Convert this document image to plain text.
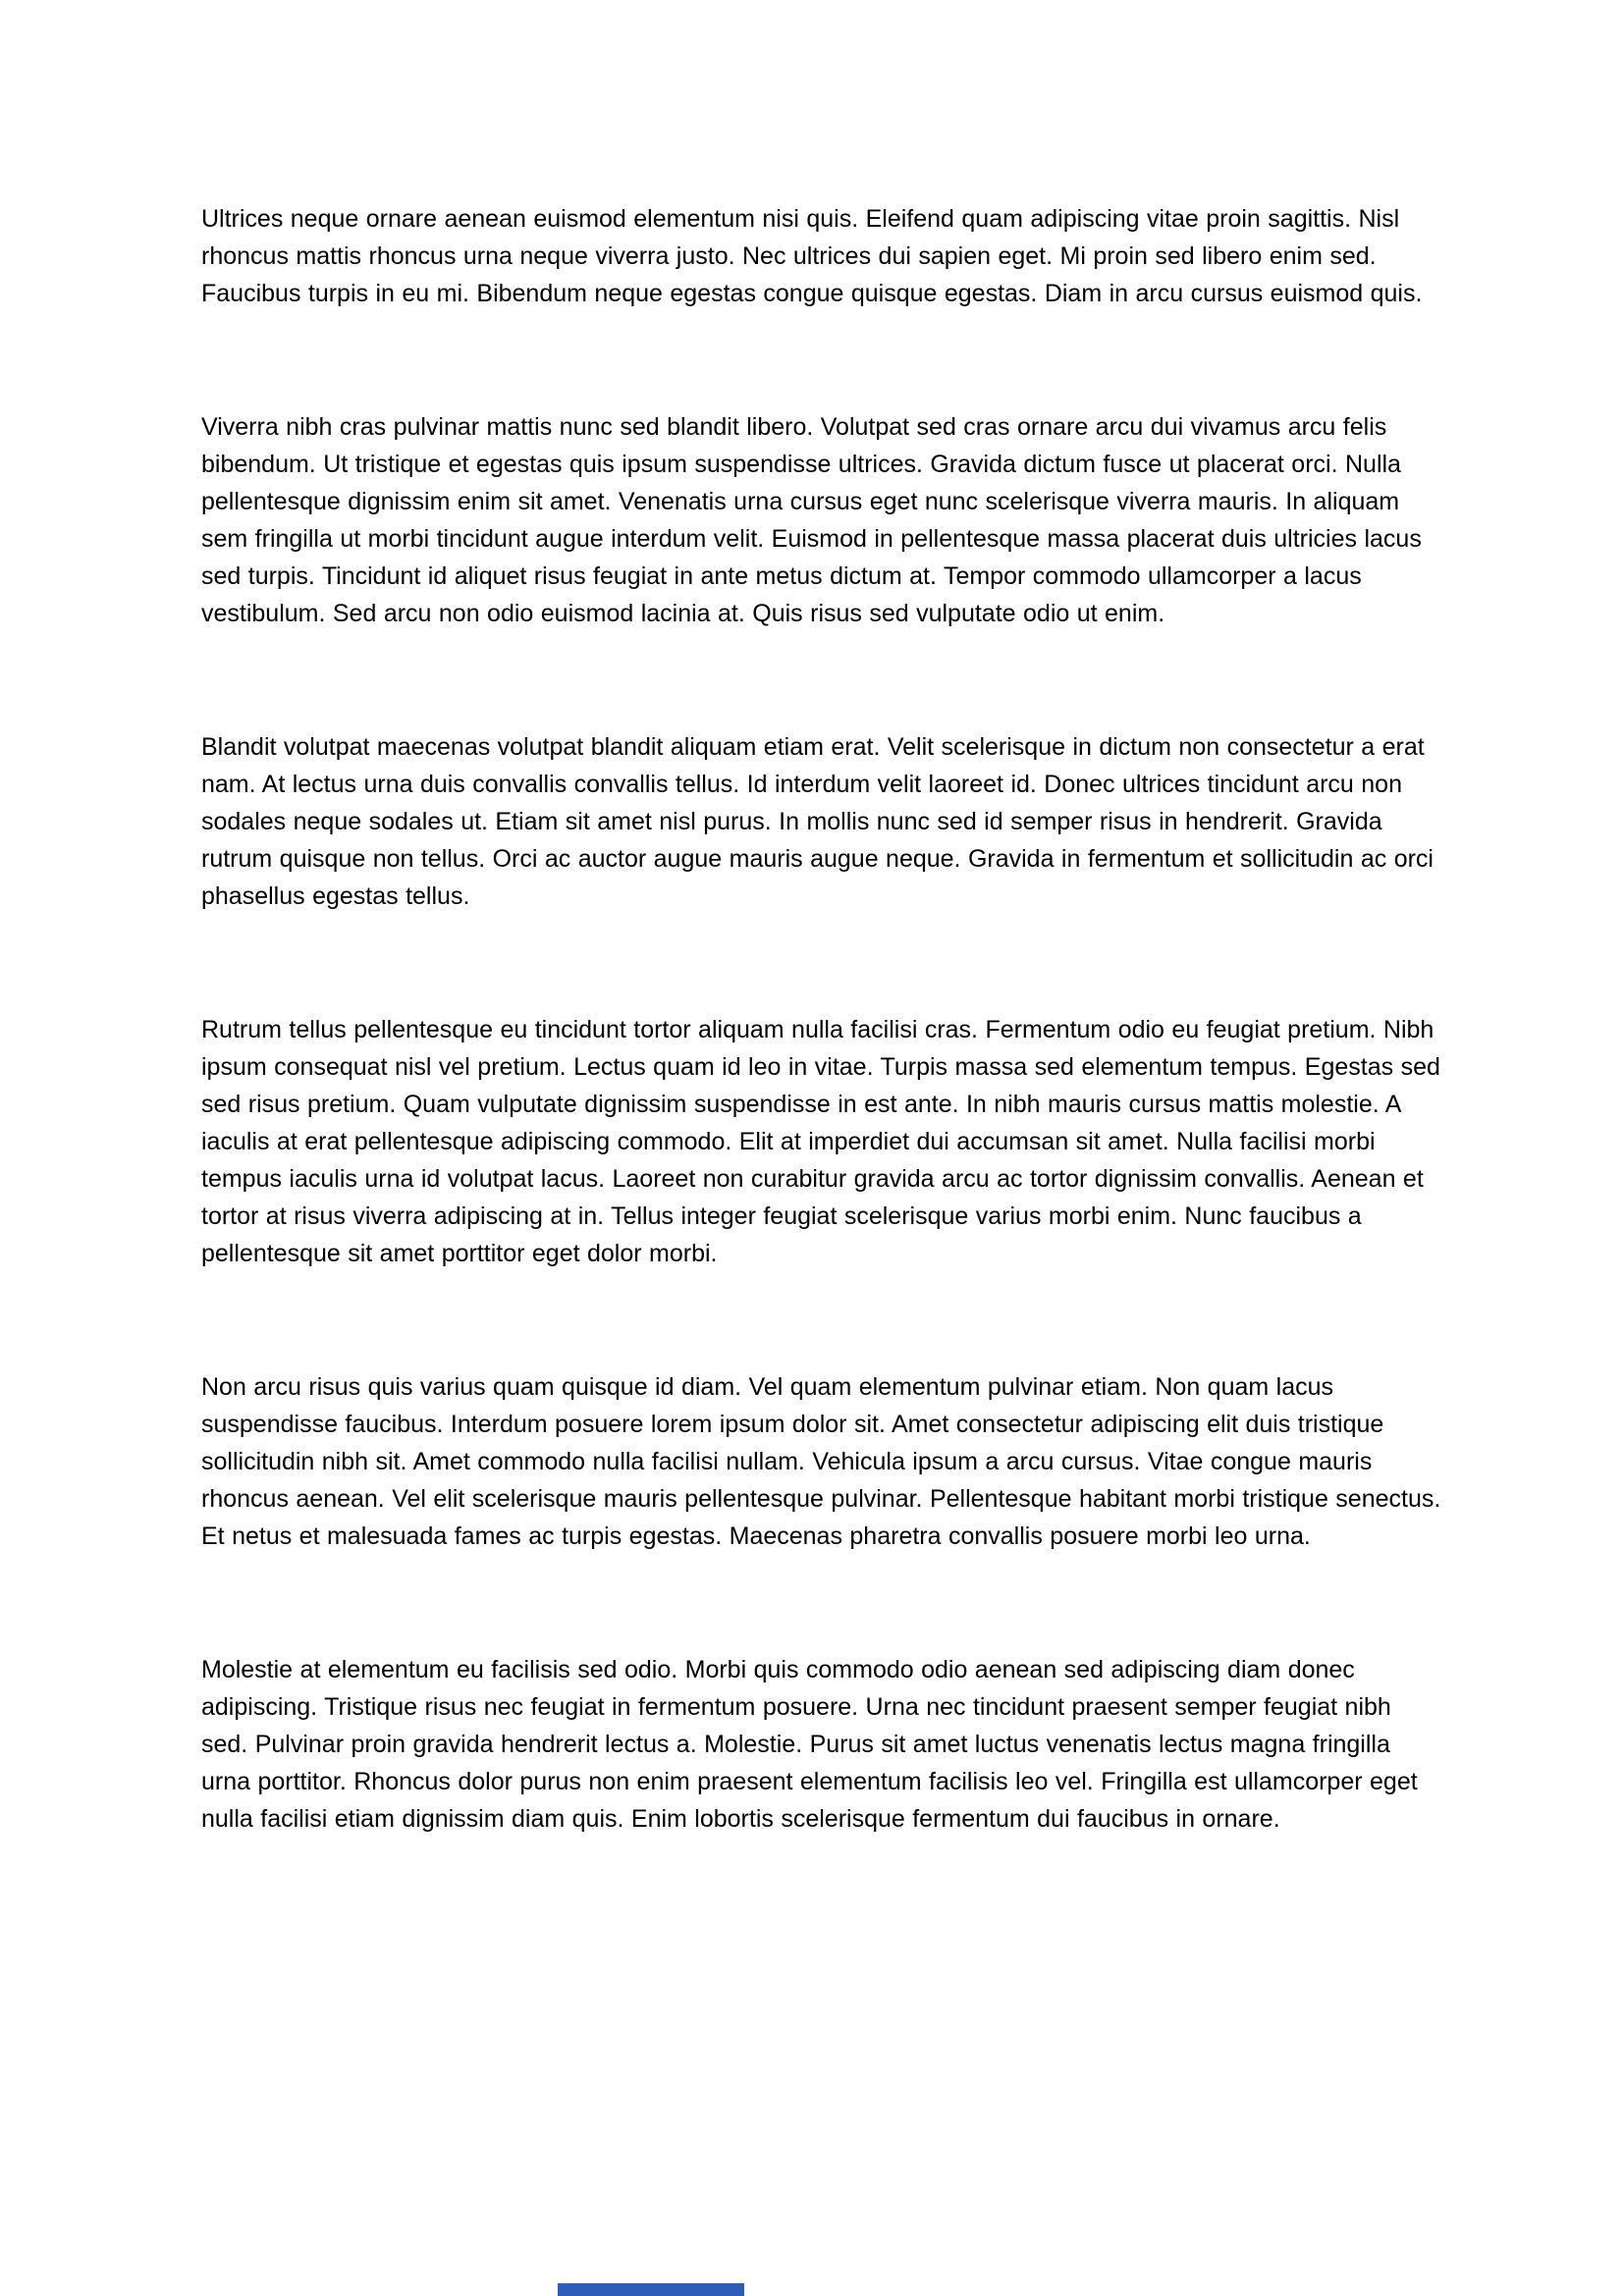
Ultrices neque ornare aenean euismod elementum nisi quis. Eleifend quam adipiscing vitae proin sagittis. Nisl rhoncus mattis rhoncus urna neque viverra justo. Nec ultrices dui sapien eget. Mi proin sed libero enim sed. Faucibus turpis in eu mi. Bibendum neque egestas congue quisque egestas. Diam in arcu cursus euismod quis.

Viverra nibh cras pulvinar mattis nunc sed blandit libero. Volutpat sed cras ornare arcu dui vivamus arcu felis bibendum. Ut tristique et egestas quis ipsum suspendisse ultrices. Gravida dictum fusce ut placerat orci. Nulla pellentesque dignissim enim sit amet. Venenatis urna cursus eget nunc scelerisque viverra mauris. In aliquam sem fringilla ut morbi tincidunt augue interdum velit. Euismod in pellentesque massa placerat duis ultricies lacus sed turpis. Tincidunt id aliquet risus feugiat in ante metus dictum at. Tempor commodo ullamcorper a lacus vestibulum. Sed arcu non odio euismod lacinia at. Quis risus sed vulputate odio ut enim.

Blandit volutpat maecenas volutpat blandit aliquam etiam erat. Velit scelerisque in dictum non consectetur a erat nam. At lectus urna duis convallis convallis tellus. Id interdum velit laoreet id. Donec ultrices tincidunt arcu non sodales neque sodales ut. Etiam sit amet nisl purus. In mollis nunc sed id semper risus in hendrerit. Gravida rutrum quisque non tellus. Orci ac auctor augue mauris augue neque. Gravida in fermentum et sollicitudin ac orci phasellus egestas tellus.

Rutrum tellus pellentesque eu tincidunt tortor aliquam nulla facilisi cras. Fermentum odio eu feugiat pretium. Nibh ipsum consequat nisl vel pretium. Lectus quam id leo in vitae. Turpis massa sed elementum tempus. Egestas sed sed risus pretium. Quam vulputate dignissim suspendisse in est ante. In nibh mauris cursus mattis molestie. A iaculis at erat pellentesque adipiscing commodo. Elit at imperdiet dui accumsan sit amet. Nulla facilisi morbi tempus iaculis urna id volutpat lacus. Laoreet non curabitur gravida arcu ac tortor dignissim convallis. Aenean et tortor at risus viverra adipiscing at in. Tellus integer feugiat scelerisque varius morbi enim. Nunc faucibus a pellentesque sit amet porttitor eget dolor morbi.

Non arcu risus quis varius quam quisque id diam. Vel quam elementum pulvinar etiam. Non quam lacus suspendisse faucibus. Interdum posuere lorem ipsum dolor sit. Amet consectetur adipiscing elit duis tristique sollicitudin nibh sit. Amet commodo nulla facilisi nullam. Vehicula ipsum a arcu cursus. Vitae congue mauris rhoncus aenean. Vel elit scelerisque mauris pellentesque pulvinar. Pellentesque habitant morbi tristique senectus. Et netus et malesuada fames ac turpis egestas. Maecenas pharetra convallis posuere morbi leo urna.

Molestie at elementum eu facilisis sed odio. Morbi quis commodo odio aenean sed adipiscing diam donec adipiscing. Tristique risus nec feugiat in fermentum posuere. Urna nec tincidunt praesent semper feugiat nibh sed. Pulvinar proin gravida hendrerit lectus a. Molestie. Purus sit amet luctus venenatis lectus magna fringilla urna porttitor. Rhoncus dolor purus non enim praesent elementum facilisis leo vel. Fringilla est ullamcorper eget nulla facilisi etiam dignissim diam quis. Enim lobortis scelerisque fermentum dui faucibus in ornare.
